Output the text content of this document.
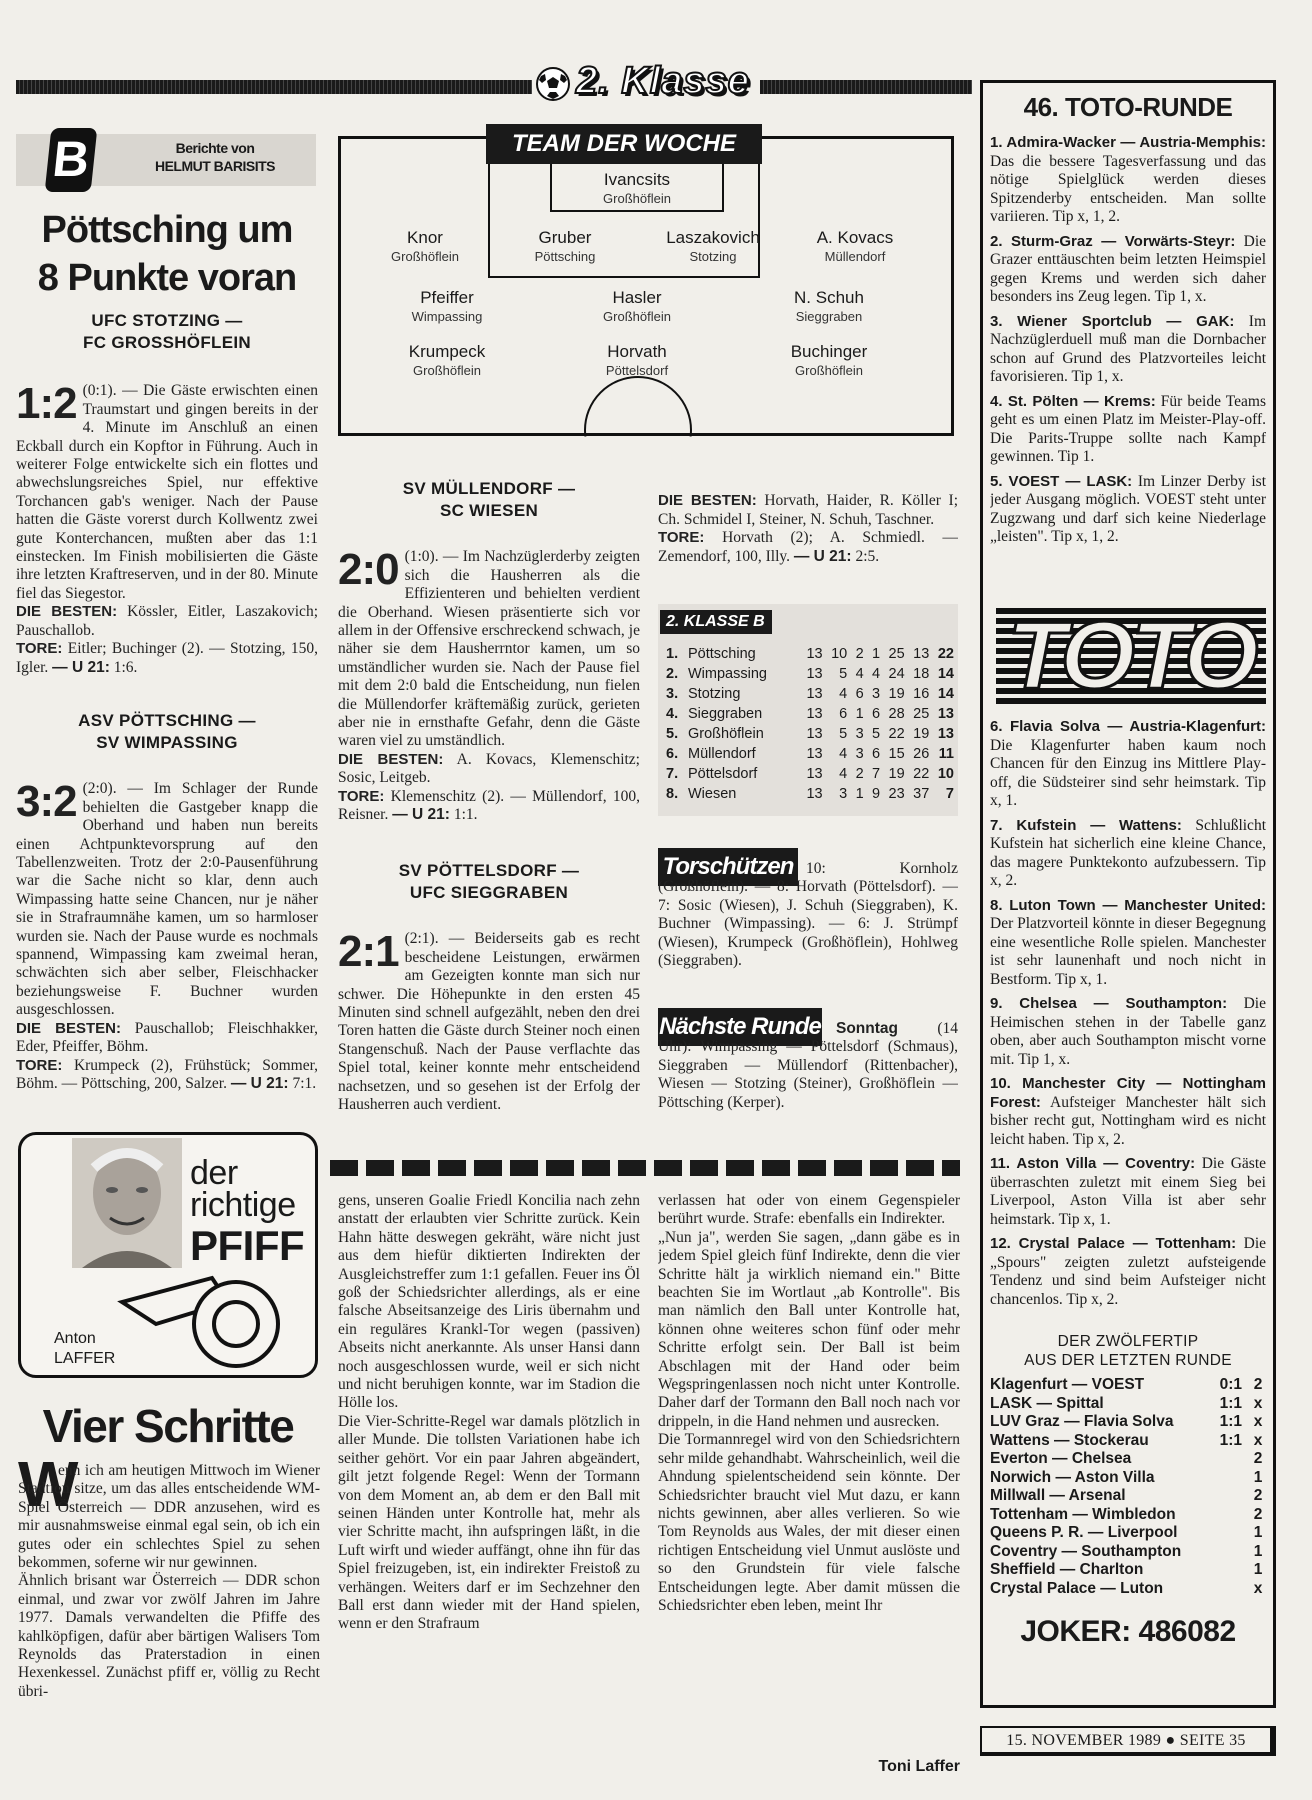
2. Klasse
B	Berichte von
HELMUT BARISITS
Pöttsching um
8 Punkte voran
UFC STOTZING —
FC GROSSHÖFLEIN

1:2 (0:1). — Die Gäste erwischten einen Traumstart und gingen bereits in der 4. Minute im Anschluß an einen Eckball durch ein Kopftor in Führung. Auch in weiterer Folge entwickelte sich ein flottes und abwechslungsreiches Spiel, nur effektive Torchancen gab's weniger. Nach der Pause hatten die Gäste vorerst durch Kollwentz zwei gute Konterchancen, mußten aber das 1:1 einstecken. Im Finish mobilisierten die Gäste ihre letzten Kraftreserven, und in der 80. Minute fiel das Siegestor.
DIE BESTEN: Kössler, Eitler, Laszakovich; Pauschallob.
TORE: Eitler; Buchinger (2). — Stotzing, 150, Igler. — U 21: 1:6.

ASV PÖTTSCHING —
SV WIMPASSING

3:2 (2:0). — Im Schlager der Runde behielten die Gastgeber knapp die Oberhand und haben nun bereits einen Achtpunktevorsprung auf den Tabellenzweiten. Trotz der 2:0-Pausenführung war die Sache nicht so klar, denn auch Wimpassing hatte seine Chancen, nur je näher sie in Strafraumnähe kamen, um so harmloser wurden sie. Nach der Pause wurde es nochmals spannend, Wimpassing kam zweimal heran, schwächten sich aber selber, Fleischhacker beziehungsweise F. Buchner wurden ausgeschlossen.
DIE BESTEN: Pauschallob; Fleischhakker, Eder, Pfeiffer, Böhm.
TORE: Krumpeck (2), Frühstück; Sommer, Böhm. — Pöttsching, 200, Salzer. — U 21: 7:1.

TEAM DER WOCHE
Ivancsits
Großhöflein
Knor
Großhöflein
Gruber
Pöttsching
Laszakovich
Stotzing
A. Kovacs
Müllendorf
Pfeiffer
Wimpassing
Hasler
Großhöflein
N. Schuh
Sieggraben
Krumpeck
Großhöflein
Horvath
Pöttelsdorf
Buchinger
Großhöflein
SV MÜLLENDORF —
SC WIESEN

2:0 (1:0). — Im Nachzüglerderby zeigten sich die Hausherren als die Effizienteren und behielten verdient die Oberhand. Wiesen präsentierte sich vor allem in der Offensive erschreckend schwach, je näher sie dem Hausherrntor kamen, um so umständlicher wurden sie. Nach der Pause fiel mit dem 2:0 bald die Entscheidung, nun fielen die Müllendorfer kräftemäßig zurück, gerieten aber nie in ernsthafte Gefahr, denn die Gäste waren viel zu umständlich.
DIE BESTEN: A. Kovacs, Klemenschitz; Sosic, Leitgeb.
TORE: Klemenschitz (2). — Müllendorf, 100, Reisner. — U 21: 1:1.

SV PÖTTELSDORF —
UFC SIEGGRABEN

2:1 (2:1). — Beiderseits gab es recht bescheidene Leistungen, erwärmen am Gezeigten konnte man sich nur schwer. Die Höhepunkte in den ersten 45 Minuten sind schnell aufgezählt, neben den drei Toren hatten die Gäste durch Steiner noch einen Stangenschuß. Nach der Pause verflachte das Spiel total, keiner konnte mehr entscheidend nachsetzen, und so gesehen ist der Erfolg der Hausherren auch verdient.

DIE BESTEN: Horvath, Haider, R. Köller I; Ch. Schmidel I, Steiner, N. Schuh, Taschner.
TORE: Horvath (2); A. Schmiedl. — Zemendorf, 100, Illy. — U 21: 2:5.

2. KLASSE B
1.	Pöttsching	13	10	2	1	25	13	22
2.	Wimpassing	13	5	4	4	24	18	14
3.	Stotzing	13	4	6	3	19	16	14
4.	Sieggraben	13	6	1	6	28	25	13
5.	Großhöflein	13	5	3	5	22	19	13
6.	Müllendorf	13	4	3	6	15	26	11
7.	Pöttelsdorf	13	4	2	7	19	22	10
8.	Wiesen	13	3	1	9	23	37	7
Torschützen 10: Kornholz (Großhöflein). — 8: Horvath (Pöttelsdorf). — 7: Sosic (Wiesen), J. Schuh (Sieggraben), K. Buchner (Wimpassing). — 6: J. Strümpf (Wiesen), Krumpeck (Großhöflein), Hohlweg (Sieggraben).
Nächste Runde Sonntag	(14 Uhr): Wimpassing — Pöttelsdorf (Schmaus), Sieggraben — Müllendorf (Rittenbacher), Wiesen — Stotzing (Steiner), Großhöflein — Pöttsching (Kerper).
der
richtige
PFIFF
Anton
LAFFER
Vier Schritte
W
enn ich am heutigen Mittwoch im Wiener Stadtion sitze, um das alles entscheidende WM-Spiel Österreich — DDR anzusehen, wird es mir ausnahmsweise einmal egal sein, ob ich ein gutes oder ein schlechtes Spiel zu sehen bekommen, soferne wir nur gewinnen.
Ähnlich brisant war Österreich — DDR schon einmal, und zwar vor zwölf Jahren im Jahre 1977. Damals verwandelten die Pfiffe des kahlköpfigen, dafür aber bärtigen Walisers Tom Reynolds das Praterstadion in einen Hexenkessel. Zunächst pfiff er, völlig zu Recht übri-
gens, unseren Goalie Friedl Koncilia nach zehn anstatt der erlaubten vier Schritte zurück. Kein Hahn hätte deswegen gekräht, wäre nicht just aus dem hiefür diktierten Indirekten der Ausgleichstreffer zum 1:1 gefallen. Feuer ins Öl goß der Schiedsrichter allerdings, als er eine falsche Abseitsanzeige des Liris übernahm und ein reguläres Krankl-Tor wegen (passiven) Abseits nicht anerkannte. Als unser Hansi dann noch ausgeschlossen wurde, weil er sich nicht und nicht beruhigen konnte, war im Stadion die Hölle los.
Die Vier-Schritte-Regel war damals plötzlich in aller Munde. Die tollsten Variationen habe ich seither gehört. Vor ein paar Jahren abgeändert, gilt jetzt folgende Regel: Wenn der Tormann von dem Moment an, ab dem er den Ball mit seinen Händen unter Kontrolle hat, mehr als vier Schritte macht, ihn aufspringen läßt, in die Luft wirft und wieder auffängt, ohne ihn für das Spiel freizugeben, ist, ein indirekter Freistoß zu verhängen. Weiters darf er im Sechzehner den Ball erst dann wieder mit der Hand spielen, wenn er den Strafraum
verlassen hat oder von einem Gegenspieler berührt wurde. Strafe: ebenfalls ein Indirekter.
„Nun ja", werden Sie sagen, „dann gäbe es in jedem Spiel gleich fünf Indirekte, denn die vier Schritte hält ja wirklich niemand ein." Bitte beachten Sie im Wortlaut „ab Kontrolle". Bis man nämlich den Ball unter Kontrolle hat, können ohne weiteres schon fünf oder mehr Schritte erfolgt sein. Der Ball ist beim Abschlagen mit der Hand oder beim Wegspringenlassen noch nicht unter Kontrolle. Daher darf der Tormann den Ball noch nach vor drippeln, in die Hand nehmen und ausrecken.
Die Tormannregel wird von den Schiedsrichtern sehr milde gehandhabt. Wahrscheinlich, weil die Ahndung spielentscheidend sein könnte. Der Schiedsrichter braucht viel Mut dazu, er kann nichts gewinnen, aber alles verlieren. So wie Tom Reynolds aus Wales, der mit dieser einen richtigen Entscheidung viel Unmut auslöste und so den Grundstein für viele falsche Entscheidungen legte. Aber damit müssen die Schiedsrichter eben leben, meint Ihr
Toni Laffer
46. TOTO-RUNDE

1. Admira-Wacker — Austria-Memphis: Das die bessere Tagesverfassung und das nötige Spielglück werden dieses Spitzenderby entscheiden. Man sollte variieren. Tip x, 1, 2.

2. Sturm-Graz — Vorwärts-Steyr: Die Grazer enttäuschten beim letzten Heimspiel gegen Krems und werden sich daher besonders ins Zeug legen. Tip 1, x.

3. Wiener Sportclub — GAK: Im Nachzüglerduell muß man die Dornbacher schon auf Grund des Platzvorteiles leicht favorisieren. Tip 1, x.

4. St. Pölten — Krems: Für beide Teams geht es um einen Platz im Meister-Play-off. Die Parits-Truppe sollte nach Kampf gewinnen. Tip 1.

5. VOEST — LASK: Im Linzer Derby ist jeder Ausgang möglich. VOEST steht unter Zugzwang und darf sich keine Niederlage „leisten". Tip x, 1, 2.

TOTO

6. Flavia Solva — Austria-Klagenfurt: Die Klagenfurter haben kaum noch Chancen für den Einzug ins Mittlere Play-off, die Südsteirer sind sehr heimstark. Tip x, 1.

7. Kufstein — Wattens: Schlußlicht Kufstein hat sicherlich eine kleine Chance, das magere Punktekonto aufzubessern. Tip x, 2.

8. Luton Town — Manchester United: Der Platzvorteil könnte in dieser Begegnung eine wesentliche Rolle spielen. Manchester ist sehr launenhaft und noch nicht in Bestform. Tip x, 1.

9. Chelsea — Southampton: Die Heimischen stehen in der Tabelle ganz oben, aber auch Southampton mischt vorne mit. Tip 1, x.

10. Manchester City — Nottingham Forest: Aufsteiger Manchester hält sich bisher recht gut, Nottingham wird es nicht leicht haben. Tip x, 2.

11. Aston Villa — Coventry: Die Gäste überraschten zuletzt mit einem Sieg bei Liverpool, Aston Villa ist aber sehr heimstark. Tip x, 1.

12. Crystal Palace — Tottenham: Die „Spours" zeigten zuletzt aufsteigende Tendenz und sind beim Aufsteiger nicht chancenlos. Tip x, 2.

DER ZWÖLFERTIP
AUS DER LETZTEN RUNDE
Klagenfurt — VOEST	0:1	2
LASK — Spittal	1:1	x
LUV Graz — Flavia Solva	1:1	x
Wattens — Stockerau	1:1	x
Everton — Chelsea		2
Norwich — Aston Villa		1
Millwall — Arsenal		2
Tottenham — Wimbledon		2
Queens P. R. — Liverpool		1
Coventry — Southampton		1
Sheffield — Charlton		1
Crystal Palace — Luton		x
JOKER: 486082
15. NOVEMBER 1989 ● SEITE 35
